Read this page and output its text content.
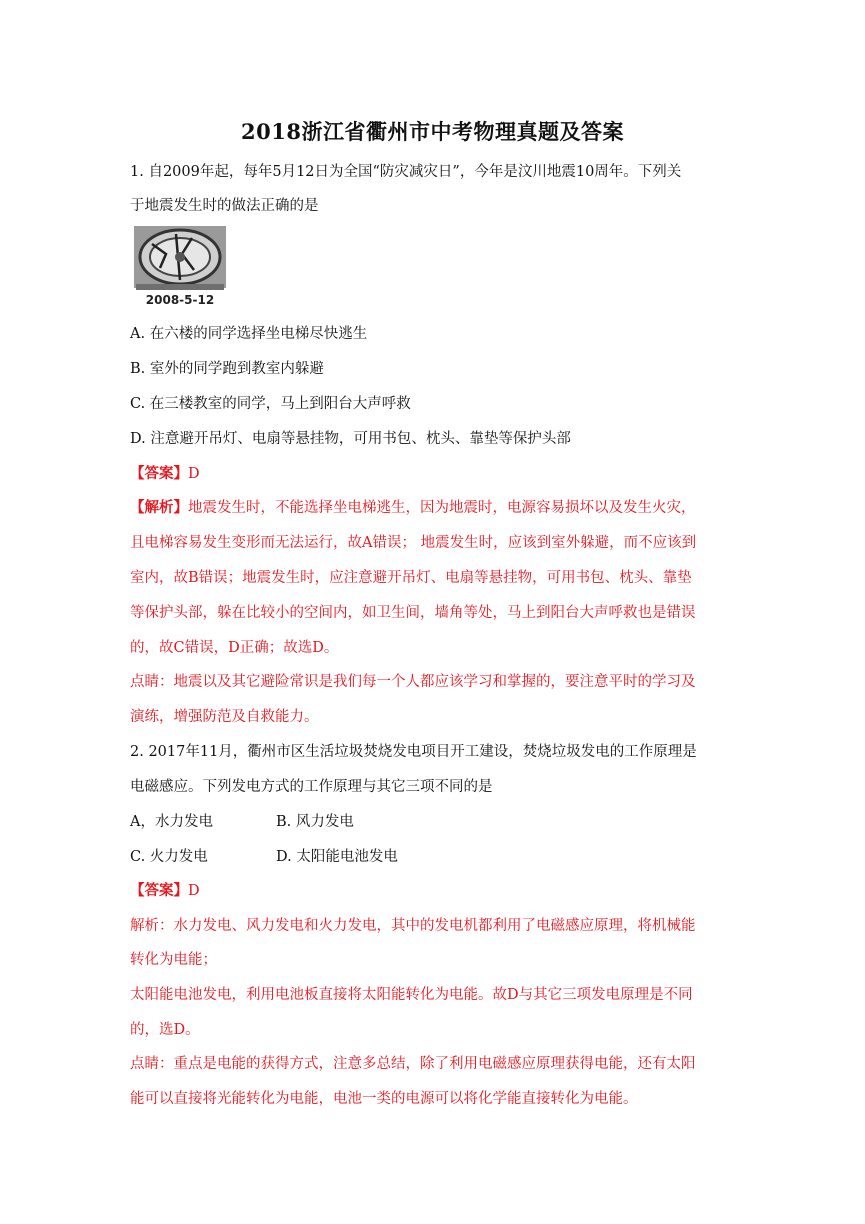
2018浙江省衢州市中考物理真题及答案
1. 自2009年起，每年5月12日为全国“防灾减灾日”，今年是汶川地震10周年。下列关
于地震发生时的做法正确的是
2008-5-12
A. 在六楼的同学选择坐电梯尽快逃生
B. 室外的同学跑到教室内躲避
C. 在三楼教室的同学，马上到阳台大声呼救
D. 注意避开吊灯、电扇等悬挂物，可用书包、枕头、靠垫等保护头部
【答案】D
【解析】地震发生时，不能选择坐电梯逃生，因为地震时，电源容易损坏以及发生火灾，
且电梯容易发生变形而无法运行，故A错误； 地震发生时，应该到室外躲避，而不应该到
室内，故B错误；地震发生时，应注意避开吊灯、电扇等悬挂物，可用书包、枕头、靠垫
等保护头部，躲在比较小的空间内，如卫生间，墙角等处，马上到阳台大声呼救也是错误
的，故C错误，D正确；故选D。
点睛：地震以及其它避险常识是我们每一个人都应该学习和掌握的，要注意平时的学习及
演练，增强防范及自救能力。
2. 2017年11月，衢州市区生活垃圾焚烧发电项目开工建设，焚烧垃圾发电的工作原理是
电磁感应。下列发电方式的工作原理与其它三项不同的是
A，水力发电	B. 风力发电
C. 火力发电	D. 太阳能电池发电
【答案】D
解析：水力发电、风力发电和火力发电，其中的发电机都利用了电磁感应原理，将机械能
转化为电能；
太阳能电池发电，利用电池板直接将太阳能转化为电能。故D与其它三项发电原理是不同
的，选D。
点睛：重点是电能的获得方式，注意多总结，除了利用电磁感应原理获得电能，还有太阳
能可以直接将光能转化为电能，电池一类的电源可以将化学能直接转化为电能。
